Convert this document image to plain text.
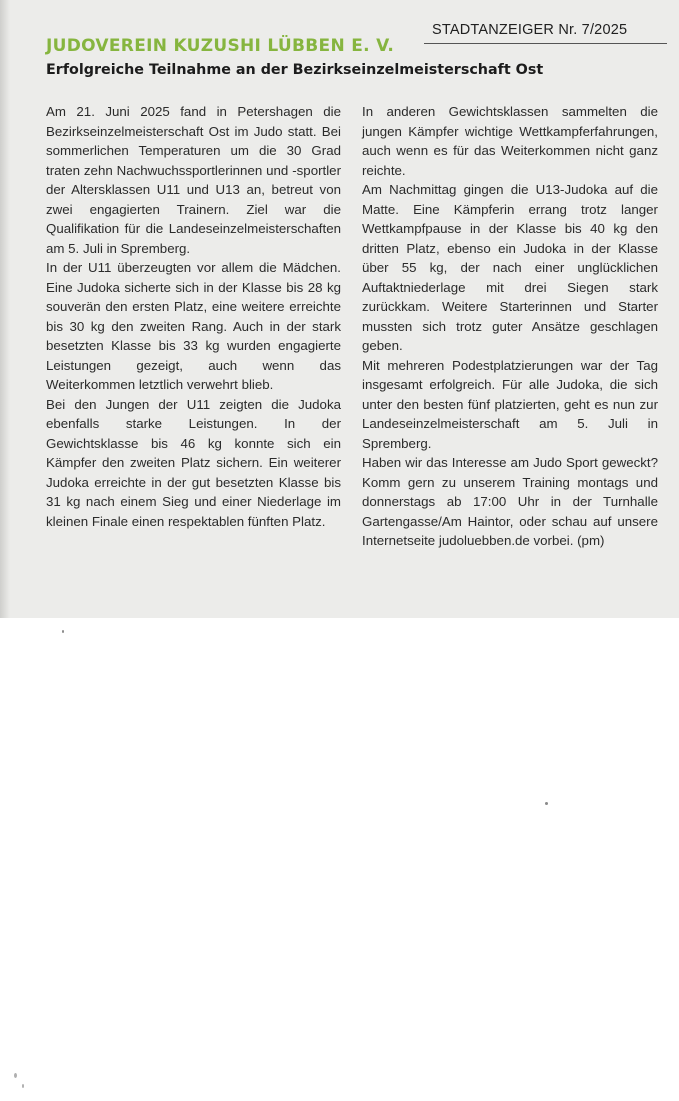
STADTANZEIGER Nr. 7/2025
JUDOVEREIN KUZUSHI LÜBBEN E. V.
Erfolgreiche Teilnahme an der Bezirkseinzelmeisterschaft Ost

Am 21. Juni 2025 fand in Petershagen die Bezirkseinzelmeisterschaft Ost im Judo statt. Bei sommerlichen Temperaturen um die 30 Grad traten zehn Nachwuchssportlerinnen und -sportler der Altersklassen U11 und U13 an, betreut von zwei engagierten Trainern. Ziel war die Qualifikation für die Landeseinzelmeisterschaften am 5. Juli in Spremberg.

In der U11 überzeugten vor allem die Mädchen. Eine Judoka sicherte sich in der Klasse bis 28 kg souverän den ersten Platz, eine weitere erreichte bis 30 kg den zweiten Rang. Auch in der stark besetzten Klasse bis 33 kg wurden engagierte Leistungen gezeigt, auch wenn das Weiterkommen letztlich verwehrt blieb.

Bei den Jungen der U11 zeigten die Judoka ebenfalls starke Leistungen. In der Gewichtsklasse bis 46 kg konnte sich ein Kämpfer den zweiten Platz sichern. Ein weiterer Judoka erreichte in der gut besetzten Klasse bis 31 kg nach einem Sieg und einer Niederlage im kleinen Finale einen respektablen fünften Platz.

In anderen Gewichtsklassen sammelten die jungen Kämpfer wichtige Wettkampferfahrungen, auch wenn es für das Weiterkommen nicht ganz reichte.

Am Nachmittag gingen die U13-Judoka auf die Matte. Eine Kämpferin errang trotz langer Wettkampfpause in der Klasse bis 40 kg den dritten Platz, ebenso ein Judoka in der Klasse über 55 kg, der nach einer unglücklichen Auftaktniederlage mit drei Siegen stark zurückkam. Weitere Starterinnen und Starter mussten sich trotz guter Ansätze geschlagen geben.

Mit mehreren Podestplatzierungen war der Tag insgesamt erfolgreich. Für alle Judoka, die sich unter den besten fünf platzierten, geht es nun zur Landeseinzelmeisterschaft am 5. Juli in Spremberg.

Haben wir das Interesse am Judo Sport geweckt? Komm gern zu unserem Training montags und donnerstags ab 17:00 Uhr in der Turnhalle Gartengasse/Am Haintor, oder schau auf unsere Internetseite judoluebben.de vorbei. (pm)
